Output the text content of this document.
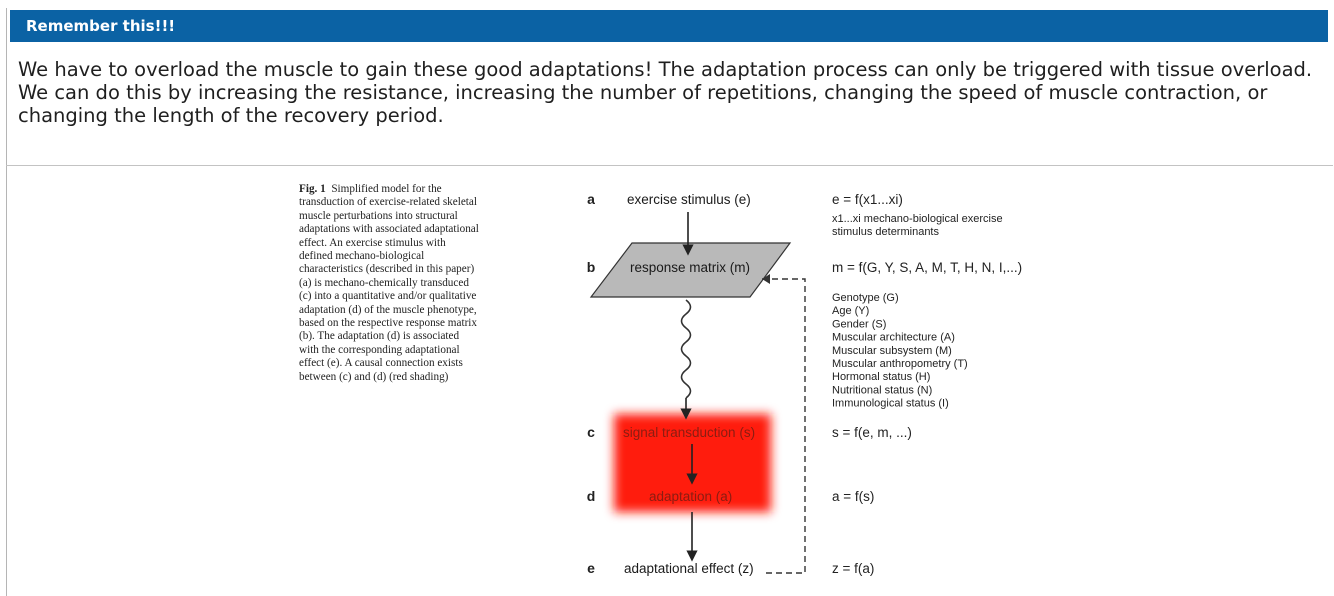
Remember this!!!
We have to overload the muscle to gain these good adaptations! The adaptation process can only be triggered with tissue overload. We can do this by increasing the resistance, increasing the number of repetitions, changing the speed of muscle contraction, or changing the length of the recovery period.
Fig. 1 Simplified model for the transduction of exercise-related skeletal muscle perturbations into structural adaptations with associated adaptational effect. An exercise stimulus with defined mechano-biological characteristics (described in this paper) (a) is mechano-chemically transduced (c) into a quantitative and/or qualitative adaptation (d) of the muscle phenotype, based on the respective response matrix (b). The adaptation (d) is associated with the corresponding adaptational effect (e). A causal connection exists between (c) and (d) (red shading)
a exercise stimulus (e)	e = f(x1...xi)
b	response matrix (m)	m = f(G, Y, S, A, M, T, H, N, I,...)
c signal transduction (s)	s = f(e, m, ...)
d	adaptation (a)	a = f(s)
e adaptational effect (z)	z = f(a)
x1...xi mechano-biological exercise
stimulus determinants
Genotype (G)
Age (Y)
Gender (S)
Muscular architecture (A)
Muscular subsystem (M)
Muscular anthropometry (T)
Hormonal status (H)
Nutritional status (N)
Immunological status (I)
